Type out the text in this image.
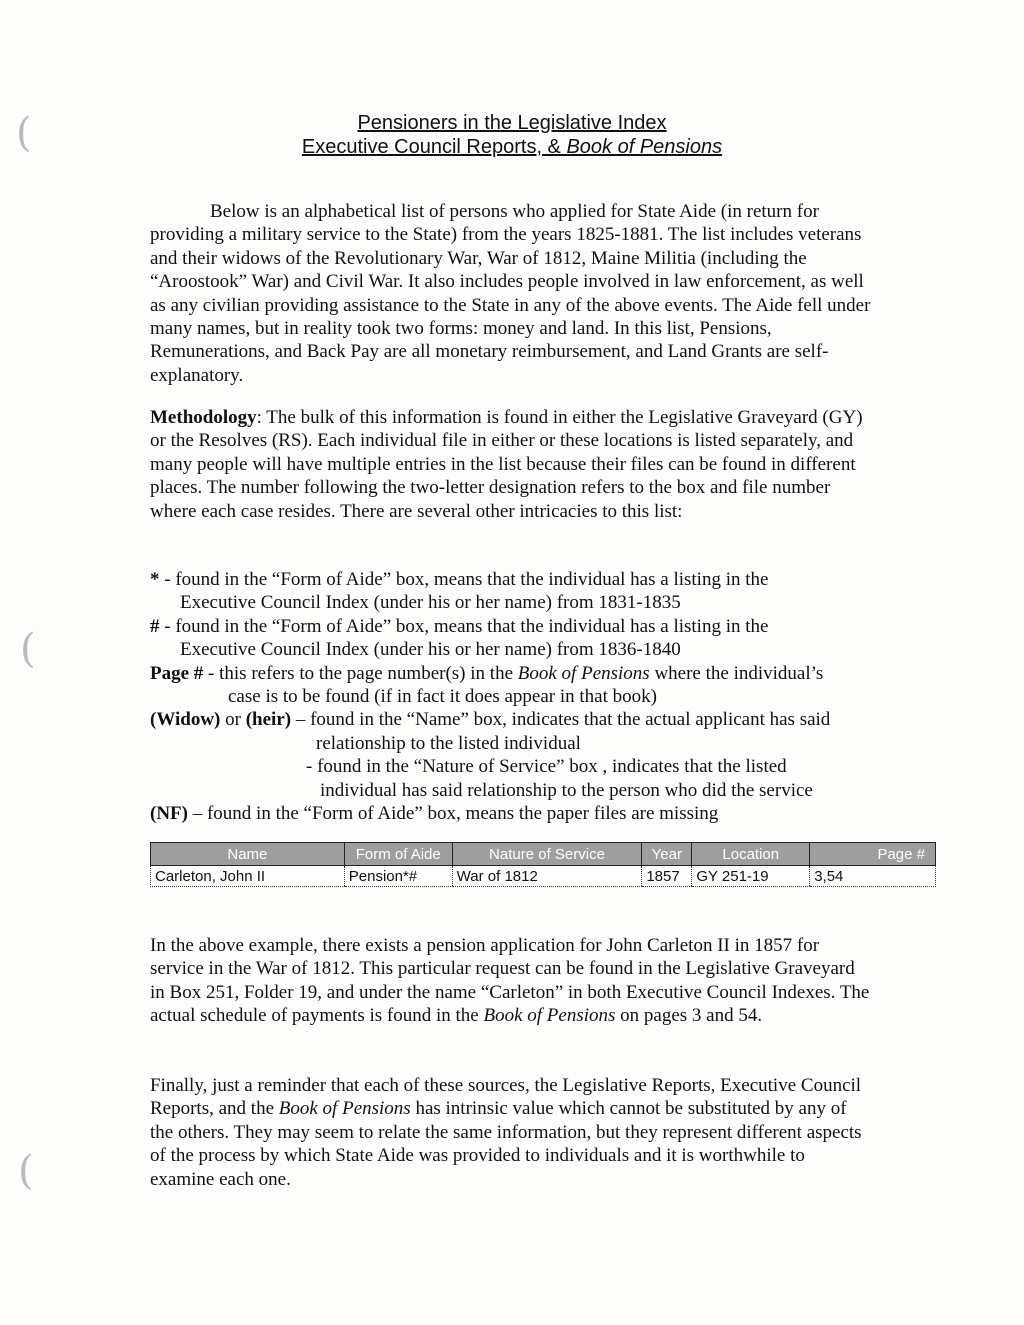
(
(
(
Pensioners in the Legislative Index
Executive Council Reports, & Book of Pensions

Below is an alphabetical list of persons who applied for State Aide (in return for providing a military service to the State) from the years 1825-1881. The list includes veterans and their widows of the Revolutionary War, War of 1812, Maine Militia (including the “Aroostook” War) and Civil War. It also includes people involved in law enforcement, as well as any civilian providing assistance to the State in any of the above events. The Aide fell under many names, but in reality took two forms: money and land. In this list, Pensions, Remunerations, and Back Pay are all monetary reimbursement, and Land Grants are self-explanatory.

Methodology: The bulk of this information is found in either the Legislative Graveyard (GY) or the Resolves (RS). Each individual file in either or these locations is listed separately, and many people will have multiple entries in the list because their files can be found in different places. The number following the two-letter designation refers to the box and file number where each case resides. There are several other intricacies to this list:

* - found in the “Form of Aide” box, means that the individual has a listing in the
Executive Council Index (under his or her name) from 1831-1835
# - found in the “Form of Aide” box, means that the individual has a listing in the
Executive Council Index (under his or her name) from 1836-1840
Page # - this refers to the page number(s) in the Book of Pensions where the individual’s
case is to be found (if in fact it does appear in that book)
(Widow) or (heir) – found in the “Name” box, indicates that the actual applicant has said
relationship to the listed individual
- found in the “Nature of Service” box , indicates that the listed
individual has said relationship to the person who did the service
(NF) – found in the “Form of Aide” box, means the paper files are missing
Name	Form of Aide	Nature of Service	Year	Location	Page #
Carleton, John II	Pension*#	War of 1812	1857	GY 251-19	3,54

In the above example, there exists a pension application for John Carleton II in 1857 for service in the War of 1812. This particular request can be found in the Legislative Graveyard in Box 251, Folder 19, and under the name “Carleton” in both Executive Council Indexes. The actual schedule of payments is found in the Book of Pensions on pages 3 and 54.

Finally, just a reminder that each of these sources, the Legislative Reports, Executive Council Reports, and the Book of Pensions has intrinsic value which cannot be substituted by any of the others. They may seem to relate the same information, but they represent different aspects of the process by which State Aide was provided to individuals and it is worthwhile to examine each one.
